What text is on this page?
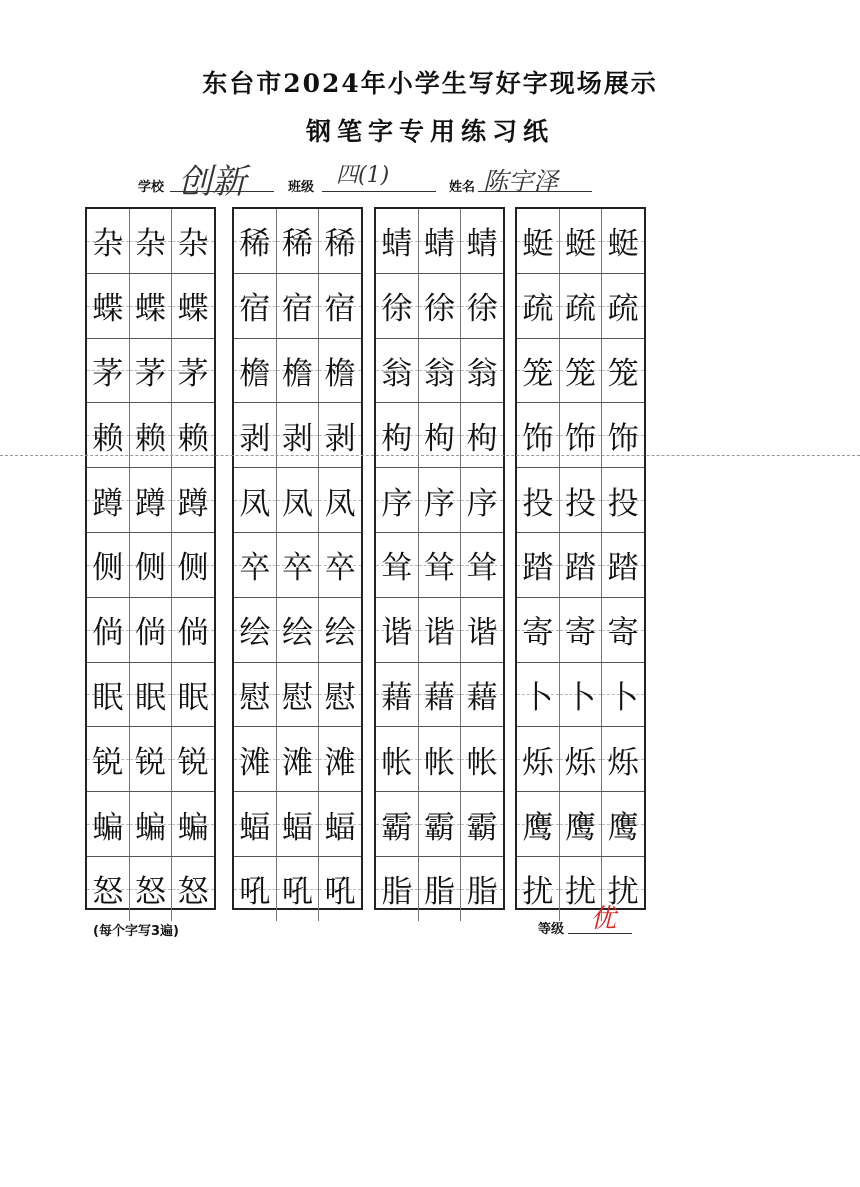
东台市2024年小学生写好字现场展示
钢笔字专用练习纸
学校 创新	班级 四(1)	姓名 陈宇泽
杂 杂 杂
蝶 蝶 蝶
茅 茅 茅
赖 赖 赖
蹲 蹲 蹲
侧 侧 侧
倘 倘 倘
眠 眠 眠
锐 锐 锐
蝙 蝙 蝙
怒 怒 怒
稀 稀 稀
宿 宿 宿
檐 檐 檐
剥 剥 剥
凤 凤 凤
卒 卒 卒
绘 绘 绘
慰 慰 慰
滩 滩 滩
蝠 蝠 蝠
吼 吼 吼
蜻 蜻 蜻
徐 徐 徐
翁 翁 翁
枸 枸 枸
序 序 序
耸 耸 耸
谐 谐 谐
藉 藉 藉
帐 帐 帐
霸 霸 霸
脂 脂 脂
蜓 蜓 蜓
疏 疏 疏
笼 笼 笼
饰 饰 饰
投 投 投
踏 踏 踏
寄 寄 寄
卜 卜 卜
烁 烁 烁
鹰 鹰 鹰
扰 扰 扰
(每个字写3遍)	等级 优
